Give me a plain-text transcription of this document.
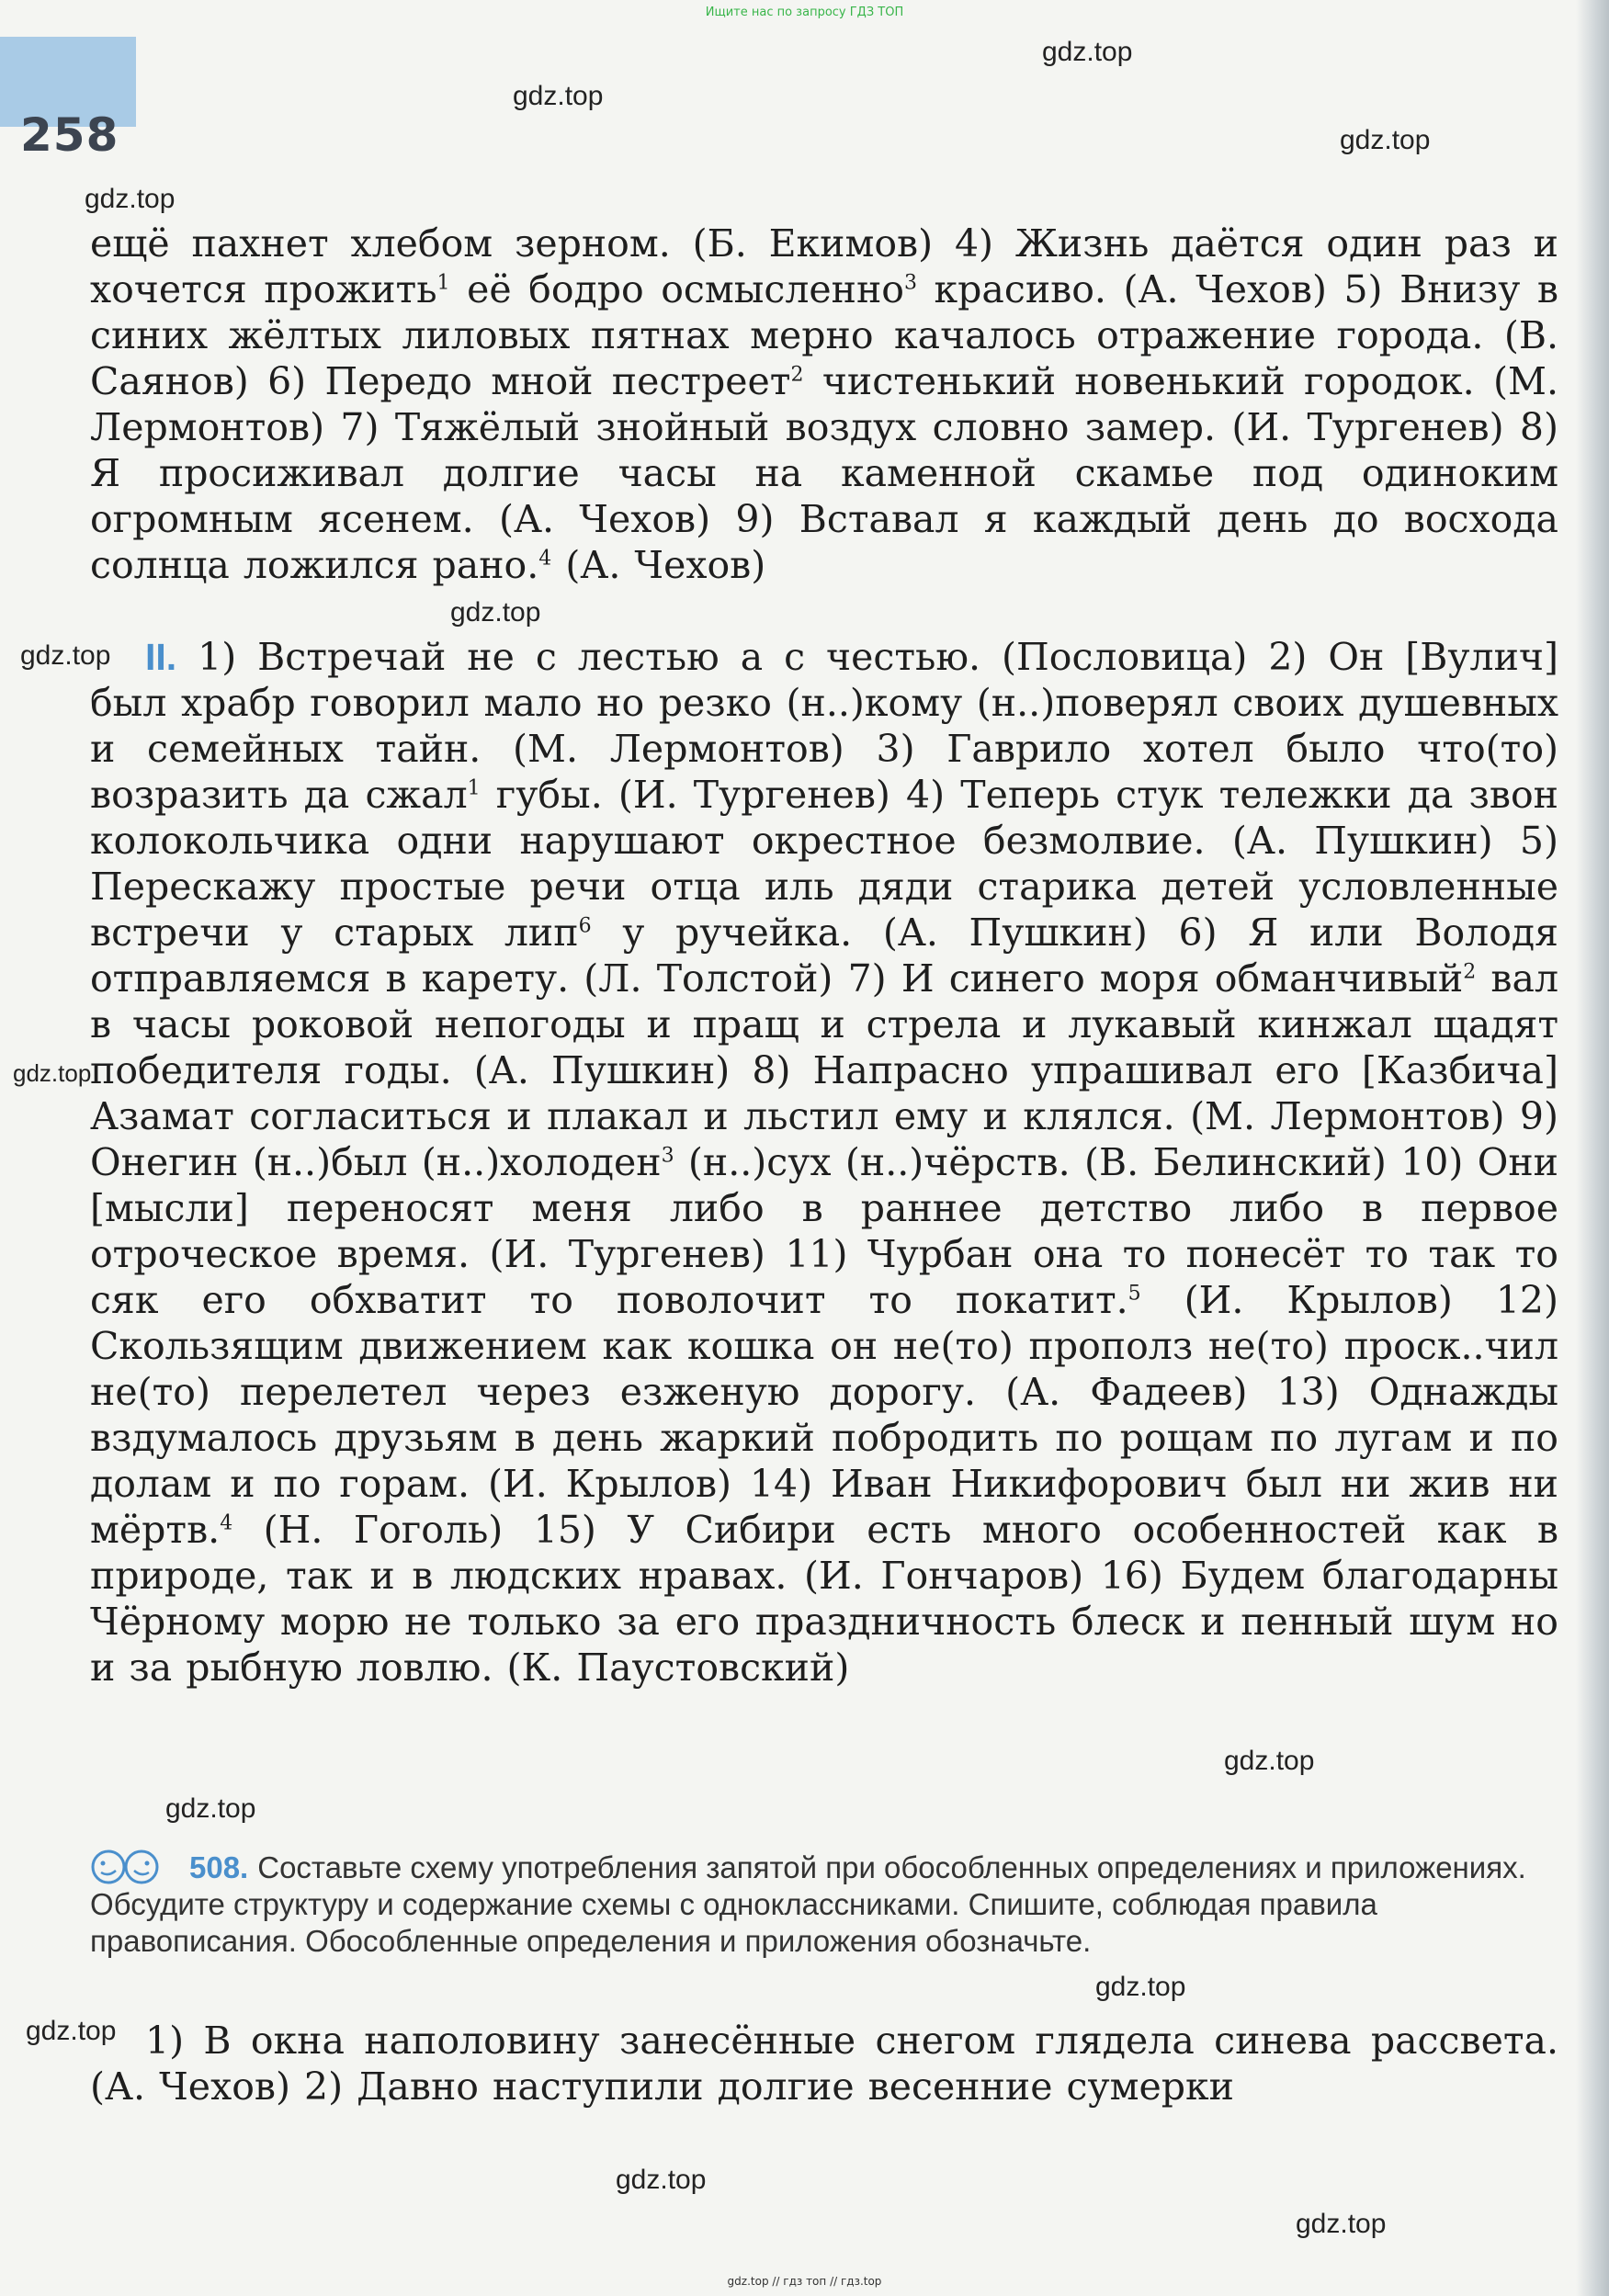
Ищите нас по запросу ГДЗ ТОП
258
gdz.top
gdz.top
gdz.top
gdz.top
gdz.top
gdz.top
gdz.top
gdz.top
gdz.top
gdz.top
gdz.top
gdz.top
gdz.top

ещё пахнет хлебом зерном. (Б. Екимов) 4) Жизнь даётся один раз и хочется прожить$^1$ её бодро осмысленно$^3$ красиво. (А. Чехов) 5) Внизу в синих жёлтых лиловых пятнах мерно качалось отражение города. (В. Саянов) 6) Передо мной пестреет$^2$ чистенький новенький городок. (М. Лермонтов) 7) Тяжёлый знойный воздух словно замер. (И. Тургенев) 8) Я просиживал долгие часы на каменной скамье под одиноким огромным ясенем. (А. Чехов) 9) Вставал я каждый день до восхода солнца ложился рано.$^4$ (А. Чехов)

II. 1) Встречай не с лестью а с честью. (Пословица) 2) Он [Вулич] был храбр говорил мало но резко (н..)кому (н..)поверял своих душевных и семейных тайн. (М. Лермонтов) 3) Гаврило хотел было что(то) возразить да сжал$^1$ губы. (И. Тургенев) 4) Теперь стук тележки да звон колокольчика одни нарушают окрестное безмолвие. (А. Пушкин) 5) Перескажу простые речи отца иль дяди старика детей условленные встречи у старых лип$^6$ у ручейка. (А. Пушкин) 6) Я или Володя отправляемся в карету. (Л. Толстой) 7) И синего моря обманчивый$^2$ вал в часы роковой непогоды и пращ и стрела и лукавый кинжал щадят победителя годы. (А. Пушкин) 8) Напрасно упрашивал его [Казбича] Азамат согласиться и плакал и льстил ему и клялся. (М. Лермонтов) 9) Онегин (н..)был (н..)холоден$^3$ (н..)сух (н..)чёрств. (В. Белинский) 10) Они [мысли] переносят меня либо в раннее детство либо в первое отроческое время. (И. Тургенев) 11) Чурбан она то понесёт то так то сяк его обхватит то поволочит то покатит.$^5$ (И. Крылов) 12) Скользящим движением как кошка он не(то) прополз не(то) проск..чил не(то) перелетел через езженую дорогу. (А. Фадеев) 13) Однажды вздумалось друзьям в день жаркий побродить по рощам по лугам и по долам и по горам. (И. Крылов) 14) Иван Никифорович был ни жив ни мёртв.$^4$ (Н. Гоголь) 15) У Сибири есть много особенностей как в природе, так и в людских нравах. (И. Гончаров) 16) Будем благодарны Чёрному морю не только за его праздничность блеск и пенный шум но и за рыбную ловлю. (К. Паустовский)

508. Составьте схему употребления запятой при обособленных определениях и приложениях. Обсудите структуру и содержание схемы с одноклассниками. Спишите, соблюдая правила правописания. Обособленные определения и приложения обозначьте.
1) В окна наполовину занесённые снегом глядела синева рассвета. (А. Чехов) 2) Давно наступили долгие весенние сумерки
gdz.top // гдз топ // гдз.top
